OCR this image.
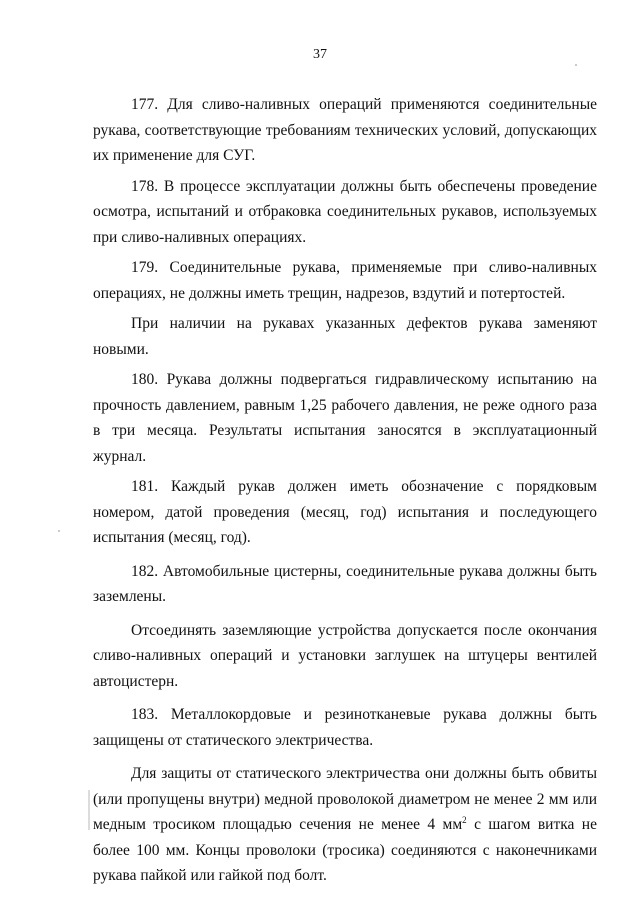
37

177. Для сливо-наливных операций применяются соединительные рукава, соответствующие требованиям технических условий, допускающих их применение для СУГ.

178. В процессе эксплуатации должны быть обеспечены проведение осмотра, испытаний и отбраковка соединительных рукавов, используемых при сливо-наливных операциях.

179. Соединительные рукава, применяемые при сливо-наливных операциях, не должны иметь трещин, надрезов, вздутий и потертостей.

При наличии на рукавах указанных дефектов рукава заменяют новыми.

180. Рукава должны подвергаться гидравлическому испытанию на прочность давлением, равным 1,25 рабочего давления, не реже одного раза в три месяца. Результаты испытания заносятся в эксплуатационный журнал.

181. Каждый рукав должен иметь обозначение с порядковым номером, датой проведения (месяц, год) испытания и последующего испытания (месяц, год).

182. Автомобильные цистерны, соединительные рукава должны быть заземлены.

Отсоединять заземляющие устройства допускается после окончания сливо-наливных операций и установки заглушек на штуцеры вентилей автоцистерн.

183. Металлокордовые и резинотканевые рукава должны быть защищены от статического электричества.

Для защиты от статического электричества они должны быть обвиты (или пропущены внутри) медной проволокой диаметром не менее 2 мм или медным тросиком площадью сечения не менее 4 $мм^2$ с шагом витка не более 100 мм. Концы проволоки (тросика) соединяются с наконечниками рукава пайкой или гайкой под болт.
